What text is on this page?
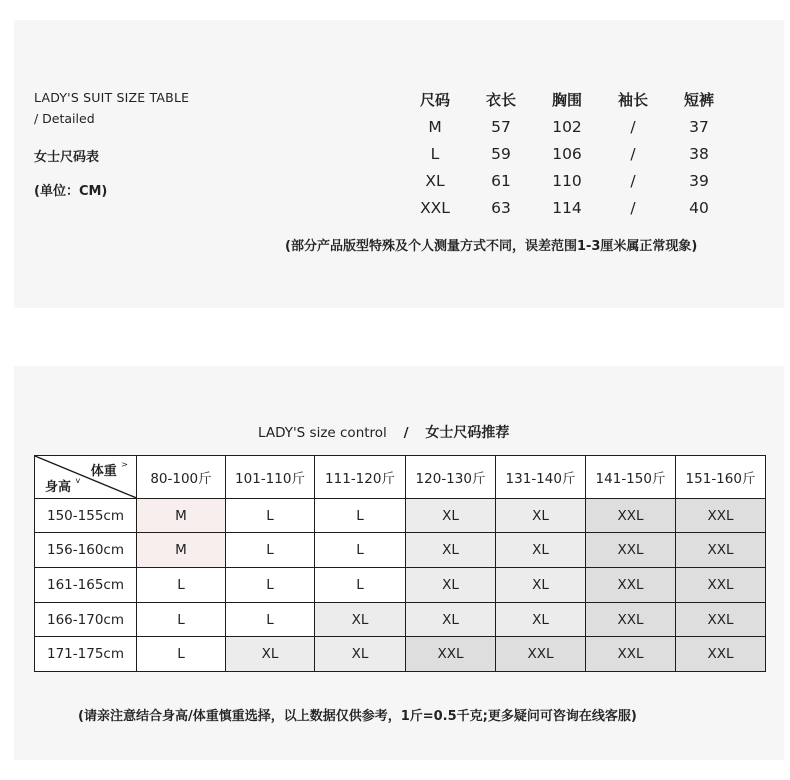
LADY'S SUIT SIZE TABLE
/ Detailed
女士尺码表
(单位：CM)
尺码	衣长	胸围	袖长	短裤
M	57	102	/	37
L	59	106	/	38
XL	61	110	/	39
XXL	63	114	/	40
(部分产品版型特殊及个人测量方式不同，误差范围1-3厘米属正常现象)
LADY'S size control / 女士尺码推荐
体重 >
身高 $^v$	80-100斤	101-110斤	111-120斤	120-130斤	131-140斤	141-150斤	151-160斤
150-155cm	M	L	L	XL	XL	XXL	XXL
156-160cm	M	L	L	XL	XL	XXL	XXL
161-165cm	L	L	L	XL	XL	XXL	XXL
166-170cm	L	L	XL	XL	XL	XXL	XXL
171-175cm	L	XL	XL	XXL	XXL	XXL	XXL
(请亲注意结合身高/体重慎重选择，以上数据仅供参考，1斤=0.5千克;更多疑问可咨询在线客服)
